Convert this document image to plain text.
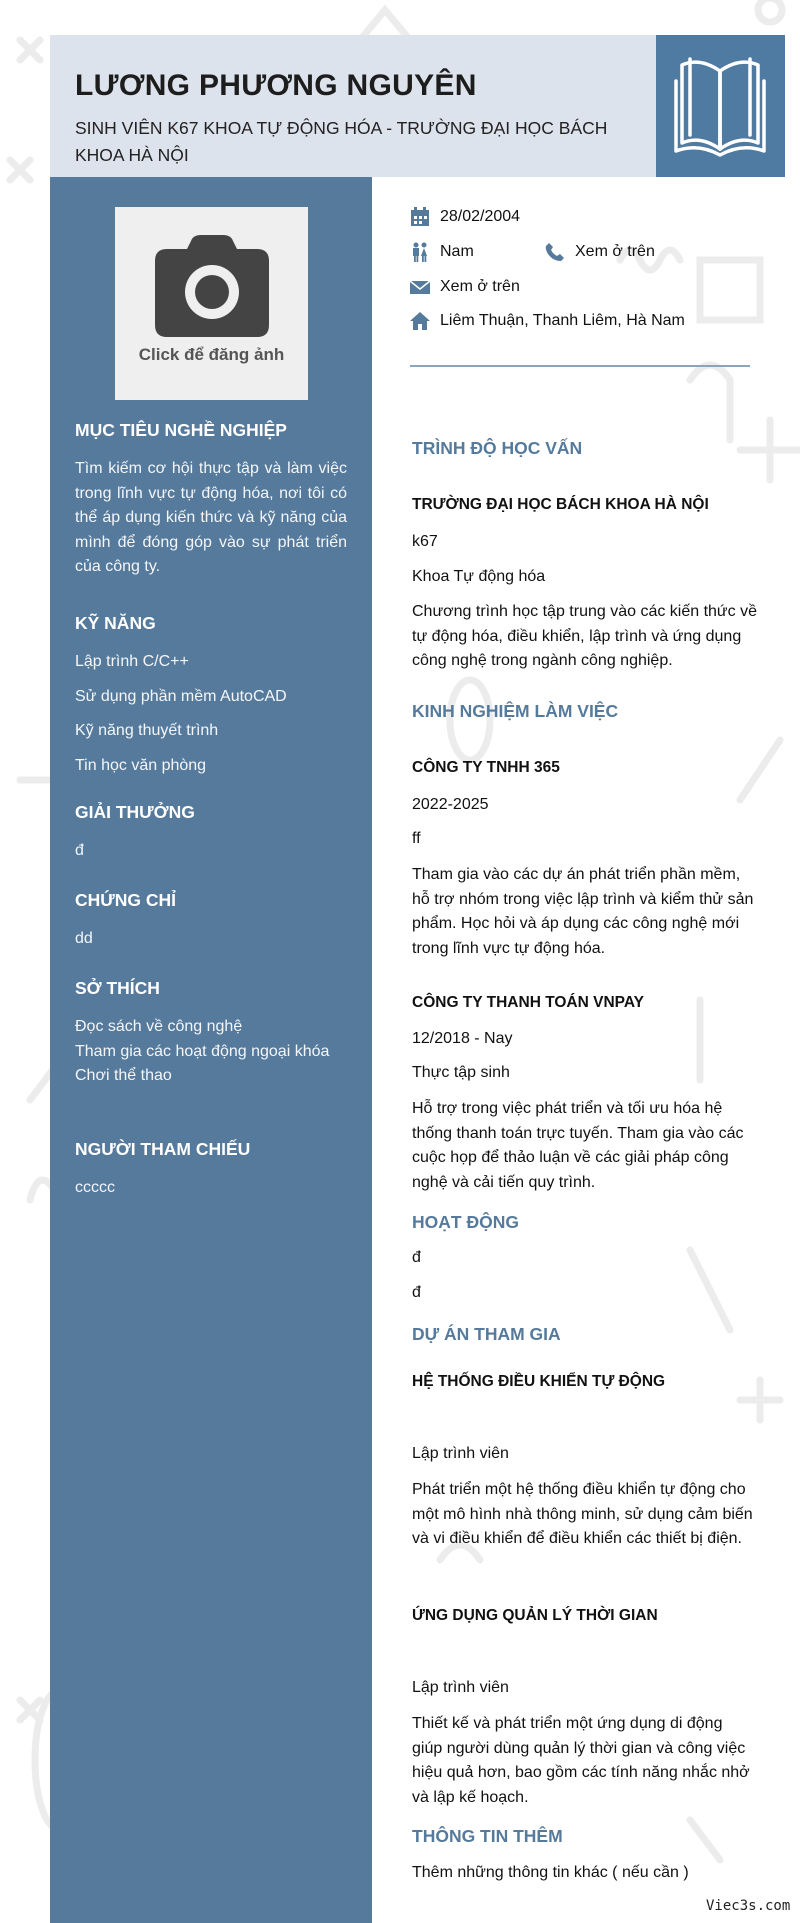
LƯƠNG PHƯƠNG NGUYÊN
SINH VIÊN K67 KHOA TỰ ĐỘNG HÓA - TRƯỜNG ĐẠI HỌC BÁCH KHOA HÀ NỘI
Click để đăng ảnh
MỤC TIÊU NGHỀ NGHIỆP
Tìm kiếm cơ hội thực tập và làm việc trong lĩnh vực tự động hóa, nơi tôi có thể áp dụng kiến thức và kỹ năng của mình để đóng góp vào sự phát triển của công ty.
KỸ NĂNG
Lập trình C/C++
Sử dụng phần mềm AutoCAD
Kỹ năng thuyết trình
Tin học văn phòng
GIẢI THƯỞNG
đ
CHỨNG CHỈ
dd
SỞ THÍCH
Đọc sách về công nghệ
Tham gia các hoạt động ngoại khóa
Chơi thể thao
NGƯỜI THAM CHIẾU
ccccc
28/02/2004
Nam	Xem ở trên
Xem ở trên
Liêm Thuận, Thanh Liêm, Hà Nam
TRÌNH ĐỘ HỌC VẤN
TRƯỜNG ĐẠI HỌC BÁCH KHOA HÀ NỘI
k67
Khoa Tự động hóa
Chương trình học tập trung vào các kiến thức về tự động hóa, điều khiển, lập trình và ứng dụng công nghệ trong ngành công nghiệp.
KINH NGHIỆM LÀM VIỆC
CÔNG TY TNHH 365
2022-2025
ff
Tham gia vào các dự án phát triển phần mềm, hỗ trợ nhóm trong việc lập trình và kiểm thử sản phẩm. Học hỏi và áp dụng các công nghệ mới trong lĩnh vực tự động hóa.
CÔNG TY THANH TOÁN VNPAY
12/2018 - Nay
Thực tập sinh
Hỗ trợ trong việc phát triển và tối ưu hóa hệ thống thanh toán trực tuyến. Tham gia vào các cuộc họp để thảo luận về các giải pháp công nghệ và cải tiến quy trình.
HOẠT ĐỘNG
đ
đ
DỰ ÁN THAM GIA
HỆ THỐNG ĐIỀU KHIỂN TỰ ĐỘNG
Lập trình viên
Phát triển một hệ thống điều khiển tự động cho một mô hình nhà thông minh, sử dụng cảm biến và vi điều khiển để điều khiển các thiết bị điện.
ỨNG DỤNG QUẢN LÝ THỜI GIAN
Lập trình viên
Thiết kế và phát triển một ứng dụng di động giúp người dùng quản lý thời gian và công việc hiệu quả hơn, bao gồm các tính năng nhắc nhở và lập kế hoạch.
THÔNG TIN THÊM
Thêm những thông tin khác ( nếu cần )
Viec3s.com
